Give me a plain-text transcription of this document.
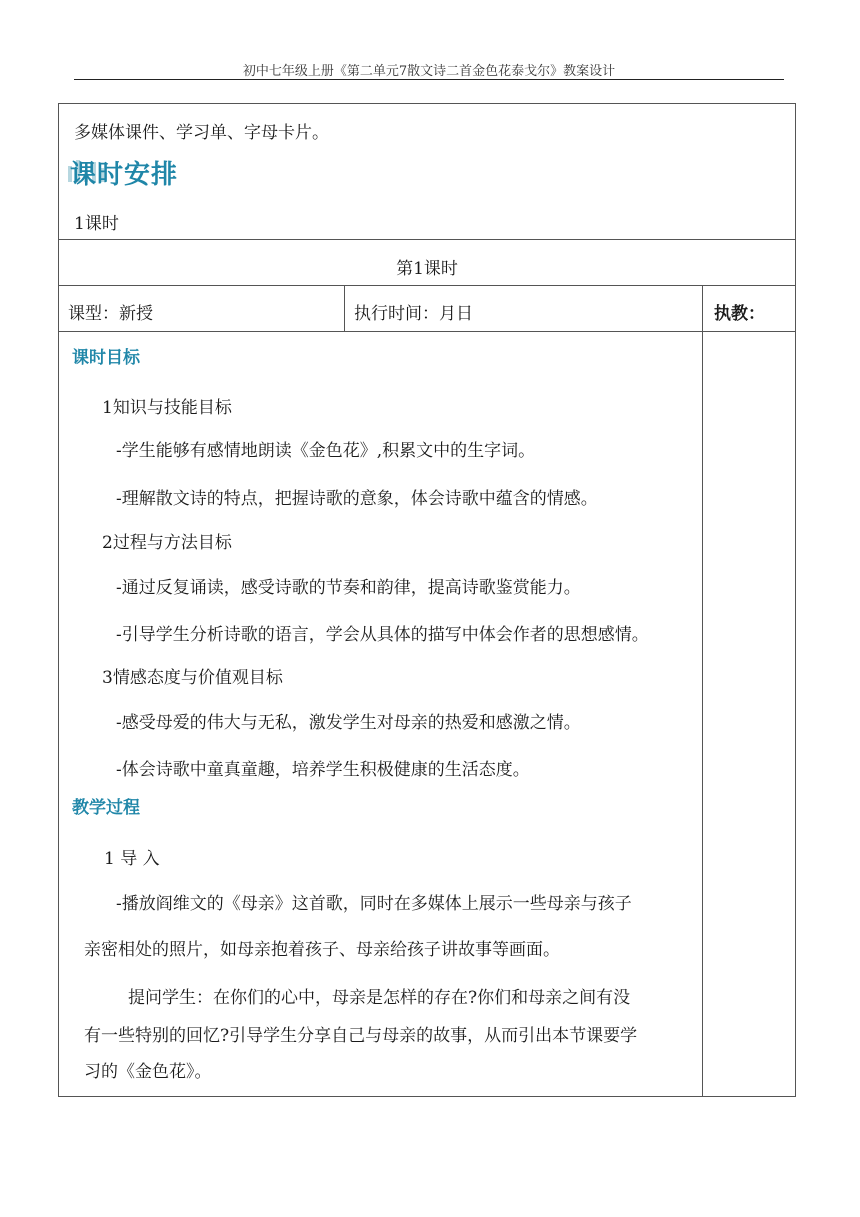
初中七年级上册《第二单元7散文诗二首金色花泰戈尔》教案设计
多媒体课件、学习单、字母卡片。
课时安排
1课时
第1课时
课型：新授	执行时间：月日	执教：
课时目标
1知识与技能目标
-学生能够有感情地朗读《金色花》,积累文中的生字词。
-理解散文诗的特点，把握诗歌的意象，体会诗歌中蕴含的情感。
2过程与方法目标
-通过反复诵读，感受诗歌的节奏和韵律，提高诗歌鉴赏能力。
-引导学生分析诗歌的语言，学会从具体的描写中体会作者的思想感情。
3情感态度与价值观目标
-感受母爱的伟大与无私，激发学生对母亲的热爱和感激之情。
-体会诗歌中童真童趣，培养学生积极健康的生活态度。
教学过程
1 导 入
-播放阎维文的《母亲》这首歌，同时在多媒体上展示一些母亲与孩子
亲密相处的照片，如母亲抱着孩子、母亲给孩子讲故事等画面。
提问学生：在你们的心中，母亲是怎样的存在?你们和母亲之间有没
有一些特别的回忆?引导学生分享自己与母亲的故事，从而引出本节课要学
习的《金色花》。
